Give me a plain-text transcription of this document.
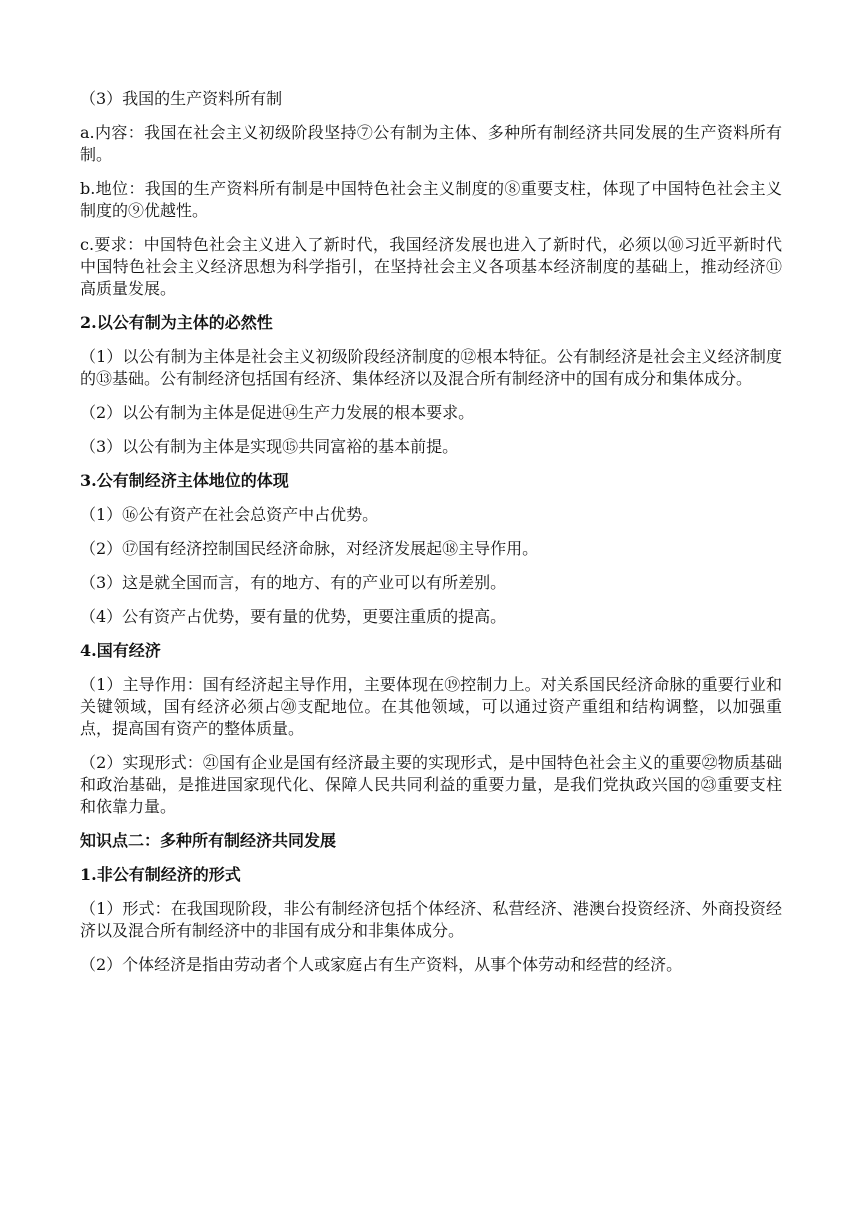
（3）我国的生产资料所有制

a.内容：我国在社会主义初级阶段坚持⑦公有制为主体、多种所有制经济共同发展的生产资料所有制。

b.地位：我国的生产资料所有制是中国特色社会主义制度的⑧重要支柱，体现了中国特色社会主义制度的⑨优越性。

c.要求：中国特色社会主义进入了新时代，我国经济发展也进入了新时代，必须以⑩习近平新时代中国特色社会主义经济思想为科学指引，在坚持社会主义各项基本经济制度的基础上，推动经济⑪高质量发展。

2.以公有制为主体的必然性

（1）以公有制为主体是社会主义初级阶段经济制度的⑫根本特征。公有制经济是社会主义经济制度的⑬基础。公有制经济包括国有经济、集体经济以及混合所有制经济中的国有成分和集体成分。

（2）以公有制为主体是促进⑭生产力发展的根本要求。

（3）以公有制为主体是实现⑮共同富裕的基本前提。

3.公有制经济主体地位的体现

（1）⑯公有资产在社会总资产中占优势。

（2）⑰国有经济控制国民经济命脉，对经济发展起⑱主导作用。

（3）这是就全国而言，有的地方、有的产业可以有所差别。

（4）公有资产占优势，要有量的优势，更要注重质的提高。

4.国有经济

（1）主导作用：国有经济起主导作用，主要体现在⑲控制力上。对关系国民经济命脉的重要行业和关键领域，国有经济必须占⑳支配地位。在其他领域，可以通过资产重组和结构调整，以加强重点，提高国有资产的整体质量。

（2）实现形式：㉑国有企业是国有经济最主要的实现形式，是中国特色社会主义的重要㉒物质基础和政治基础，是推进国家现代化、保障人民共同利益的重要力量，是我们党执政兴国的㉓重要支柱和依靠力量。

知识点二：多种所有制经济共同发展

1.非公有制经济的形式

（1）形式：在我国现阶段，非公有制经济包括个体经济、私营经济、港澳台投资经济、外商投资经济以及混合所有制经济中的非国有成分和非集体成分。

（2）个体经济是指由劳动者个人或家庭占有生产资料，从事个体劳动和经营的经济。
